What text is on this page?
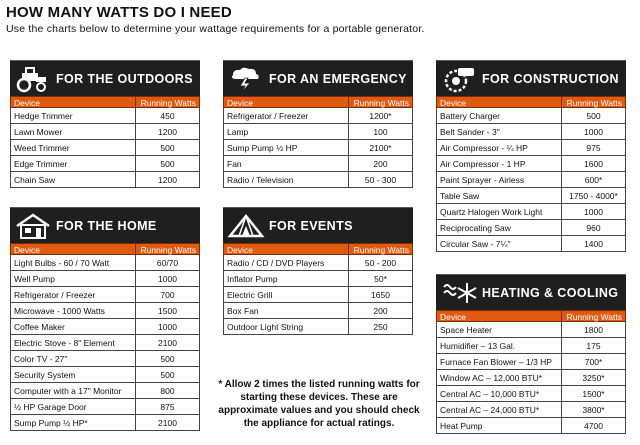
HOW MANY WATTS DO I NEED
Use the charts below to determine your wattage requirements for a portable generator.
FOR THE OUTDOORS
Device	Running Watts
Hedge Trimmer	450
Lawn Mower	1200
Weed Trimmer	500
Edge Trimmer	500
Chain Saw	1200
FOR THE HOME
Device	Running Watts
Light Bulbs - 60 / 70 Watt	60/70
Well Pump	1000
Refrigerator / Freezer	700
Microwave - 1000 Watts	1500
Coffee Maker	1000
Electric Stove - 8" Element	2100
Color TV - 27"	500
Security System	500
Computer with a 17" Monitor	800
½ HP Garage Door	875
Sump Pump ½ HP*	2100
FOR AN EMERGENCY
Device	Running Watts
Refrigerator / Freezer	1200*
Lamp	100
Sump Pump ½ HP	2100*
Fan	200
Radio / Television	50 - 300
FOR EVENTS
Device	Running Watts
Radio / CD / DVD Players	50 - 200
Inflator Pump	50*
Electric Grill	1650
Box Fan	200
Outdoor Light String	250
FOR CONSTRUCTION
Device	Running Watts
Battery Charger	500
Belt Sander - 3"	1000
Air Compressor - ¼ HP	975
Air Compressor - 1 HP	1600
Paint Sprayer - Airless	600*
Table Saw	1750 - 4000*
Quartz Halogen Work Light	1000
Reciprocating Saw	960
Circular Saw - 7¼"	1400
HEATING & COOLING
Device	Running Watts
Space Heater	1800
Humidifier – 13 Gal.	175
Furnace Fan Blower – 1/3 HP	700*
Window AC – 12,000 BTU*	3250*
Central AC – 10,000 BTU*	1500*
Central AC – 24,000 BTU*	3800*
Heat Pump	4700
* Allow 2 times the listed running watts for starting these devices. These are approximate values and you should check the appliance for actual ratings.
